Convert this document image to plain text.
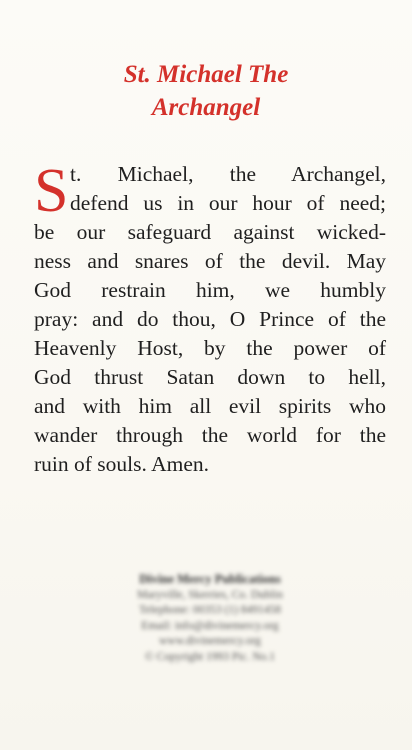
St. Michael The
Archangel
S t. Michael, the Archangel,
defend us in our hour of need;
be our safeguard against wicked-
ness and snares of the devil. May
God restrain him, we humbly
pray: and do thou, O Prince of the
Heavenly Host, by the power of
God thrust Satan down to hell,
and with him all evil spirits who
wander through the world for the
ruin of souls. Amen.
Divine Mercy Publications
Maryville, Skerries, Co. Dublin
Telephone: 00353 (1) 8491458
Email: info@divinemercy.org
www.divinemercy.org
© Copyright 1993 Pic. No.1
